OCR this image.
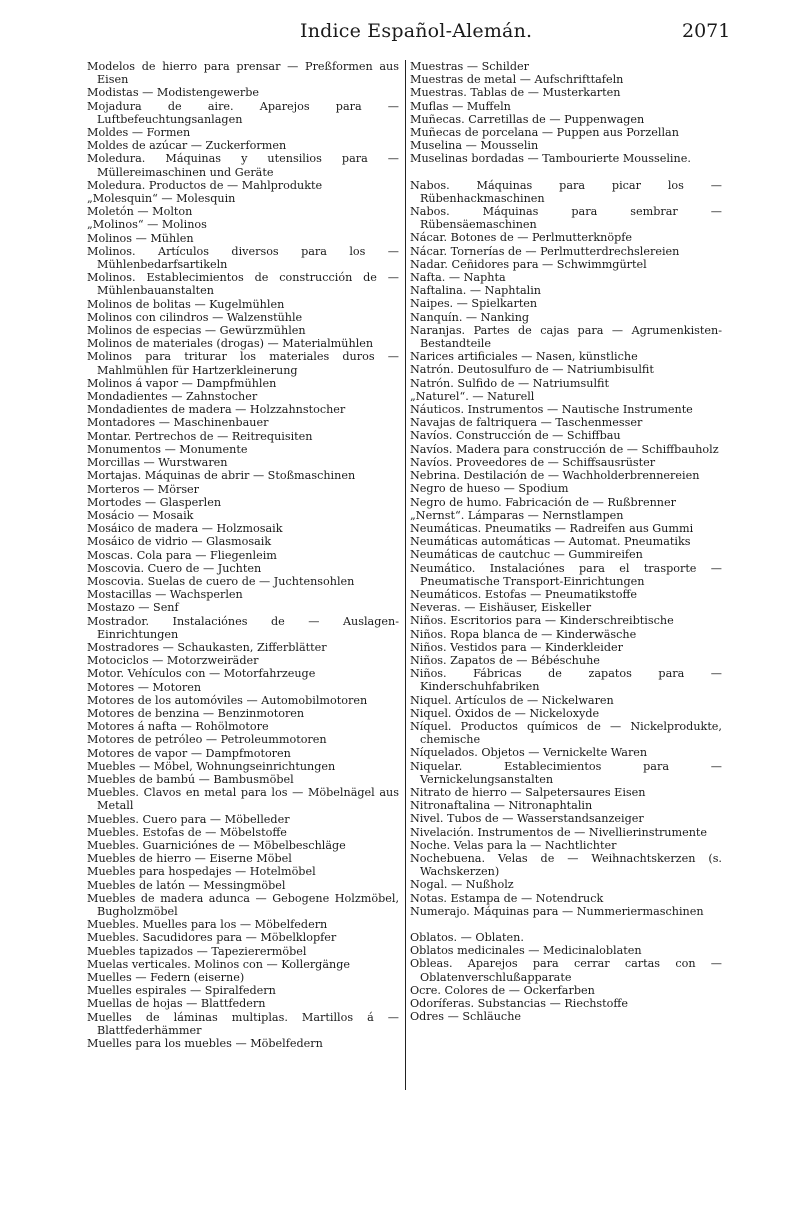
Indice Español-Alemán.	2071
Modelos de hierro para prensar — Preßformen aus Eisen
Modistas — Modistengewerbe
Mojadura de aire. Aparejos para — Luftbefeuchtungsanlagen
Moldes — Formen
Moldes de azúcar — Zuckerformen
Moledura. Máquinas y utensilios para — Müllereimaschinen und Geräte
Moledura. Productos de — Mahlprodukte
„Molesquin“ — Molesquin
Moletón — Molton
„Molinos“ — Molinos
Molinos — Mühlen
Molinos. Artículos diversos para los — Mühlenbedarfsartikeln
Molinos. Establecimientos de construcción de — Mühlenbauanstalten
Molinos de bolitas — Kugelmühlen
Molinos con cilindros — Walzenstühle
Molinos de especias — Gewürzmühlen
Molinos de materiales (drogas) — Materialmühlen
Molinos para triturar los materiales duros — Mahlmühlen für Hartzerkleinerung
Molinos á vapor — Dampfmühlen
Mondadientes — Zahnstocher
Mondadientes de madera — Holzzahnstocher
Montadores — Maschinenbauer
Montar. Pertrechos de — Reitrequisiten
Monumentos — Monumente
Morcillas — Wurstwaren
Mortajas. Máquinas de abrir — Stoßmaschinen
Morteros — Mörser
Mortodes — Glasperlen
Mosácio — Mosaik
Mosáico de madera — Holzmosaik
Mosáico de vidrio — Glasmosaik
Moscas. Cola para — Fliegenleim
Moscovia. Cuero de — Juchten
Moscovia. Suelas de cuero de — Juchtensohlen
Mostacillas — Wachsperlen
Mostazo — Senf
Mostrador. Instalaciónes de — Auslagen-Einrichtungen
Mostradores — Schaukasten, Zifferblätter
Motociclos — Motorzweiräder
Motor. Vehículos con — Motorfahrzeuge
Motores — Motoren
Motores de los automóviles — Automobilmotoren
Motores de benzina — Benzinmotoren
Motores á nafta — Rohölmotore
Motores de petróleo — Petroleummotoren
Motores de vapor — Dampfmotoren
Muebles — Möbel, Wohnungseinrichtungen
Muebles de bambú — Bambusmöbel
Muebles. Clavos en metal para los — Möbelnägel aus Metall
Muebles. Cuero para — Möbelleder
Muebles. Estofas de — Möbelstoffe
Muebles. Guarniciónes de — Möbelbeschläge
Muebles de hierro — Eiserne Möbel
Muebles para hospedajes — Hotelmöbel
Muebles de latón — Messingmöbel
Muebles de madera adunca — Gebogene Holzmöbel, Bugholzmöbel
Muebles. Muelles para los — Möbelfedern
Muebles. Sacudidores para — Möbelklopfer
Muebles tapizados — Tapezierermöbel
Muelas verticales. Molinos con — Kollergänge
Muelles — Federn (eiserne)
Muelles espirales — Spiralfedern
Muellas de hojas — Blattfedern
Muelles de láminas multiplas. Martillos á — Blattfederhämmer
Muelles para los muebles — Möbelfedern
Muestras — Schilder
Muestras de metal — Aufschrifttafeln
Muestras. Tablas de — Musterkarten
Muflas — Muffeln
Muñecas. Carretillas de — Puppenwagen
Muñecas de porcelana — Puppen aus Porzellan
Muselina — Mousselin
Muselinas bordadas — Tambourierte Mousseline.
Nabos. Máquinas para picar los — Rübenhackmaschinen
Nabos. Máquinas para sembrar — Rübensäemaschinen
Nácar. Botones de — Perlmutterknöpfe
Nácar. Tornerías de — Perlmutterdrechslereien
Nadar. Ceñidores para — Schwimmgürtel
Nafta. — Naphta
Naftalina. — Naphtalin
Naipes. — Spielkarten
Nanquín. — Nanking
Naranjas. Partes de cajas para — Agrumenkisten-Bestandteile
Narices artificiales — Nasen, künstliche
Natrón. Deutosulfuro de — Natriumbisulfit
Natrón. Sulfido de — Natriumsulfit
„Naturel“. — Naturell
Náuticos. Instrumentos — Nautische Instrumente
Navajas de faltriquera — Taschenmesser
Navíos. Construcción de — Schiffbau
Navíos. Madera para construcción de — Schiffbauholz
Navíos. Proveedores de — Schiffsausrüster
Nebrina. Destilación de — Wachholderbrennereien
Negro de hueso — Spodium
Negro de humo. Fabricación de — Rußbrenner
„Nernst“. Lámparas — Nernstlampen
Neumáticas. Pneumatiks — Radreifen aus Gummi
Neumáticas automáticas — Automat. Pneumatiks
Neumáticas de cautchuc — Gummireifen
Neumático. Instalaciónes para el trasporte — Pneumatische Transport-Einrichtungen
Neumáticos. Estofas — Pneumatikstoffe
Neveras. — Eishäuser, Eiskeller
Niños. Escritorios para — Kinderschreibtische
Niños. Ropa blanca de — Kinderwäsche
Niños. Vestidos para — Kinderkleider
Niños. Zapatos de — Bébéschuhe
Niños. Fábricas de zapatos para — Kinderschuhfabriken
Niquel. Artículos de — Nickelwaren
Niquel. Óxidos de — Nickeloxyde
Níquel. Productos químicos de — Nickelprodukte, chemische
Níquelados. Objetos — Vernickelte Waren
Niquelar. Establecimientos para — Vernickelungsanstalten
Nitrato de hierro — Salpetersaures Eisen
Nitronaftalina — Nitronaphtalin
Nivel. Tubos de — Wasserstandsanzeiger
Nivelación. Instrumentos de — Nivellierinstrumente
Noche. Velas para la — Nachtlichter
Nochebuena. Velas de — Weihnachtskerzen (s. Wachskerzen)
Nogal. — Nußholz
Notas. Estampa de — Notendruck
Numerajo. Máquinas para — Nummeriermaschinen
Oblatos. — Oblaten.
Oblatos medicinales — Medicinaloblaten
Obleas. Aparejos para cerrar cartas con — Oblatenverschlußapparate
Ocre. Colores de — Ockerfarben
Odoríferas. Substancias — Riechstoffe
Odres — Schläuche
